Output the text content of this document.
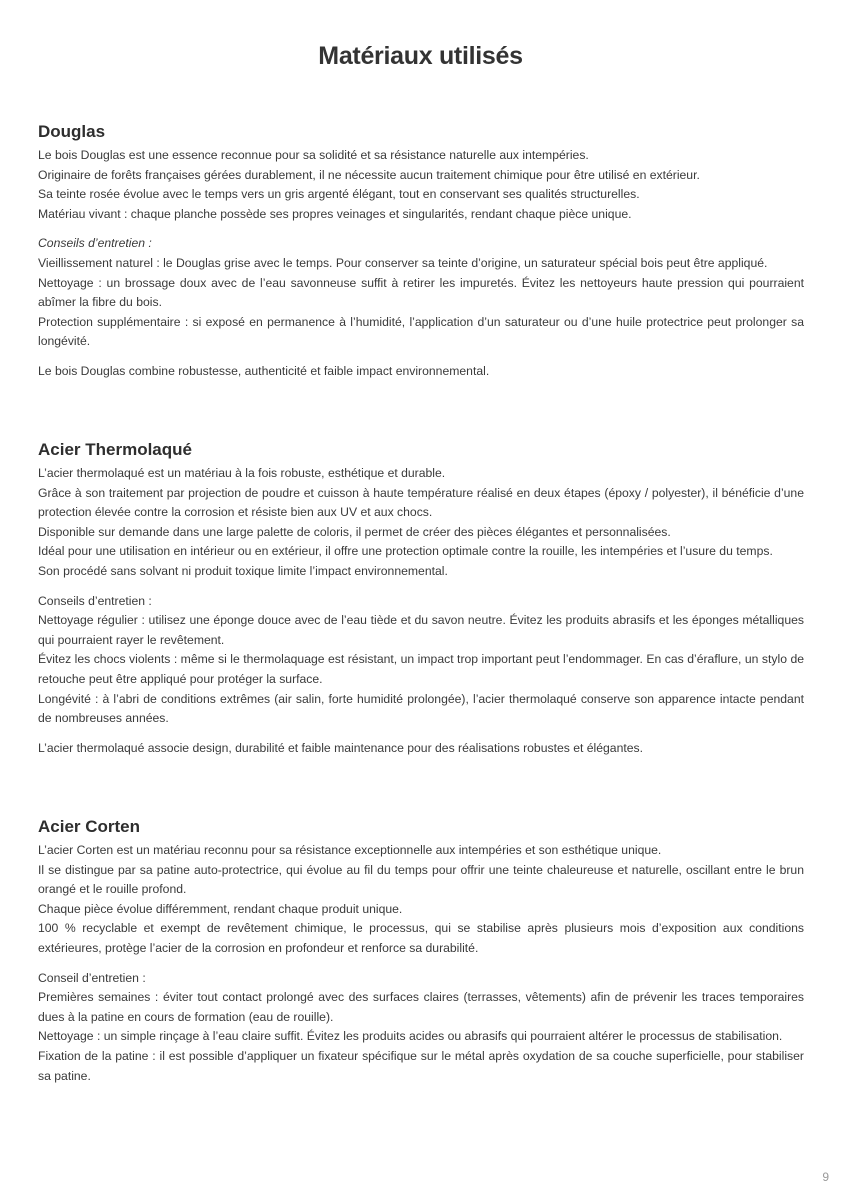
Matériaux utilisés
Douglas

Le bois Douglas est une essence reconnue pour sa solidité et sa résistance naturelle aux intempéries.

Originaire de forêts françaises gérées durablement, il ne nécessite aucun traitement chimique pour être utilisé en extérieur.

Sa teinte rosée évolue avec le temps vers un gris argenté élégant, tout en conservant ses qualités structurelles.

Matériau vivant : chaque planche possède ses propres veinages et singularités, rendant chaque pièce unique.

Conseils d’entretien :

Vieillissement naturel : le Douglas grise avec le temps. Pour conserver sa teinte d’origine, un saturateur spécial bois peut être appliqué.

Nettoyage : un brossage doux avec de l’eau savonneuse suffit à retirer les impuretés. Évitez les nettoyeurs haute pression qui pourraient abîmer la fibre du bois.

Protection supplémentaire : si exposé en permanence à l’humidité, l’application d’un saturateur ou d’une huile protectrice peut prolonger sa longévité.

Le bois Douglas combine robustesse, authenticité et faible impact environnemental.

Acier Thermolaqué

L’acier thermolaqué est un matériau à la fois robuste, esthétique et durable.

Grâce à son traitement par projection de poudre et cuisson à haute température réalisé en deux étapes (époxy / polyester), il bénéficie d’une protection élevée contre la corrosion et résiste bien aux UV et aux chocs.

Disponible sur demande dans une large palette de coloris, il permet de créer des pièces élégantes et personnalisées.

Idéal pour une utilisation en intérieur ou en extérieur, il offre une protection optimale contre la rouille, les intempéries et l’usure du temps.

Son procédé sans solvant ni produit toxique limite l’impact environnemental.

Conseils d’entretien :

Nettoyage régulier : utilisez une éponge douce avec de l’eau tiède et du savon neutre. Évitez les produits abrasifs et les éponges métalliques qui pourraient rayer le revêtement.

Évitez les chocs violents : même si le thermolaquage est résistant, un impact trop important peut l’endommager. En cas d’éraflure, un stylo de retouche peut être appliqué pour protéger la surface.

Longévité : à l’abri de conditions extrêmes (air salin, forte humidité prolongée), l’acier thermolaqué conserve son apparence intacte pendant de nombreuses années.

L’acier thermolaqué associe design, durabilité et faible maintenance pour des réalisations robustes et élégantes.

Acier Corten

L’acier Corten est un matériau reconnu pour sa résistance exceptionnelle aux intempéries et son esthétique unique.

Il se distingue par sa patine auto-protectrice, qui évolue au fil du temps pour offrir une teinte chaleureuse et naturelle, oscillant entre le brun orangé et le rouille profond.

Chaque pièce évolue différemment, rendant chaque produit unique.

100 % recyclable et exempt de revêtement chimique, le processus, qui se stabilise après plusieurs mois d’exposition aux conditions extérieures, protège l’acier de la corrosion en profondeur et renforce sa durabilité.

Conseil d’entretien :

Premières semaines : éviter tout contact prolongé avec des surfaces claires (terrasses, vêtements) afin de prévenir les traces temporaires dues à la patine en cours de formation (eau de rouille).

Nettoyage : un simple rinçage à l’eau claire suffit. Évitez les produits acides ou abrasifs qui pourraient altérer le processus de stabilisation.

Fixation de la patine : il est possible d’appliquer un fixateur spécifique sur le métal après oxydation de sa couche superficielle, pour stabiliser sa patine.

9
